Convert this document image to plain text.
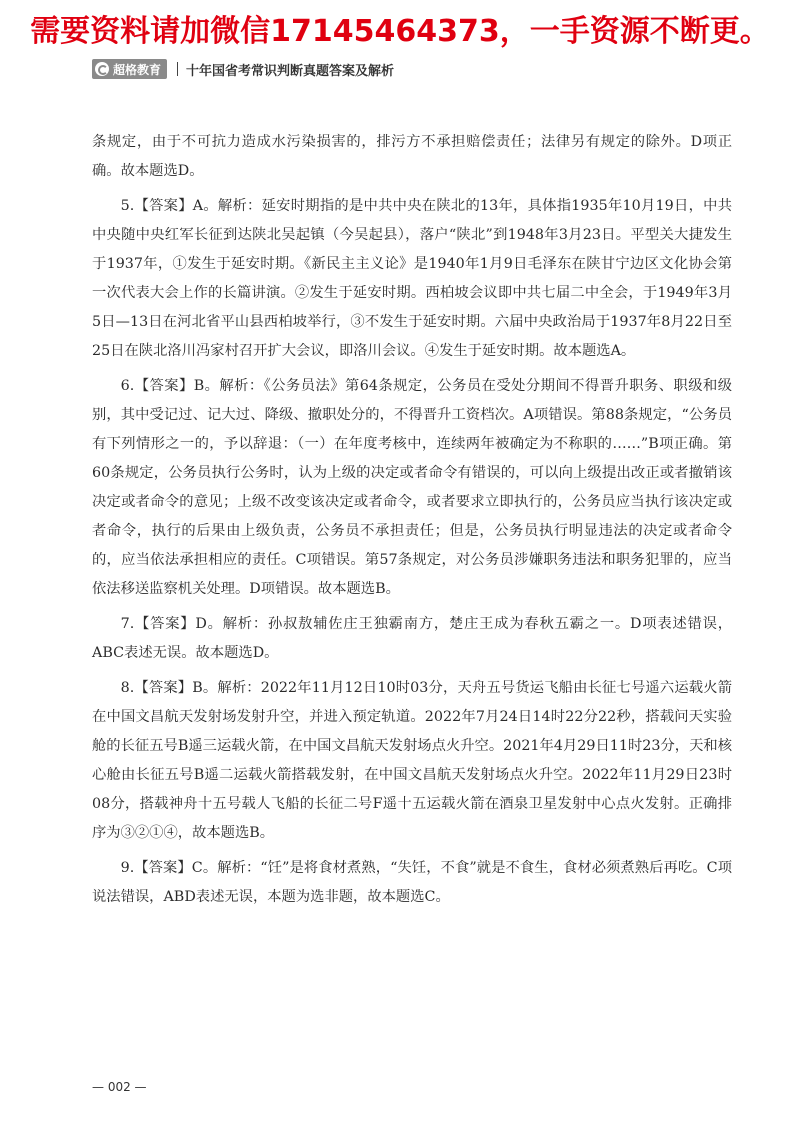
需要资料请加微信17145464373，一手资源不断更。
超格教育 十年国省考常识判断真题答案及解析

条规定，由于不可抗力造成水污染损害的，排污方不承担赔偿责任；法律另有规定的除外。D项正确。故本题选D。

5.【答案】A。解析：延安时期指的是中共中央在陕北的13年，具体指1935年10月19日，中共中央随中央红军长征到达陕北吴起镇（今吴起县），落户“陕北”到1948年3月23日。平型关大捷发生于1937年，①发生于延安时期。《新民主主义论》是1940年1月9日毛泽东在陕甘宁边区文化协会第一次代表大会上作的长篇讲演。②发生于延安时期。西柏坡会议即中共七届二中全会，于1949年3月5日—13日在河北省平山县西柏坡举行，③不发生于延安时期。六届中央政治局于1937年8月22日至25日在陕北洛川冯家村召开扩大会议，即洛川会议。④发生于延安时期。故本题选A。

6.【答案】B。解析：《公务员法》第64条规定，公务员在受处分期间不得晋升职务、职级和级别，其中受记过、记大过、降级、撤职处分的，不得晋升工资档次。A项错误。第88条规定，“公务员有下列情形之一的，予以辞退：（一）在年度考核中，连续两年被确定为不称职的……”B项正确。第60条规定，公务员执行公务时，认为上级的决定或者命令有错误的，可以向上级提出改正或者撤销该决定或者命令的意见；上级不改变该决定或者命令，或者要求立即执行的，公务员应当执行该决定或者命令，执行的后果由上级负责，公务员不承担责任；但是，公务员执行明显违法的决定或者命令的，应当依法承担相应的责任。C项错误。第57条规定，对公务员涉嫌职务违法和职务犯罪的，应当依法移送监察机关处理。D项错误。故本题选B。

7.【答案】D。解析：孙叔敖辅佐庄王独霸南方，楚庄王成为春秋五霸之一。D项表述错误，ABC表述无误。故本题选D。

8.【答案】B。解析：2022年11月12日10时03分，天舟五号货运飞船由长征七号遥六运载火箭在中国文昌航天发射场发射升空，并进入预定轨道。2022年7月24日14时22分22秒，搭载问天实验舱的长征五号B遥三运载火箭，在中国文昌航天发射场点火升空。2021年4月29日11时23分，天和核心舱由长征五号B遥二运载火箭搭载发射，在中国文昌航天发射场点火升空。2022年11月29日23时08分，搭载神舟十五号载人飞船的长征二号F遥十五运载火箭在酒泉卫星发射中心点火发射。正确排序为③②①④，故本题选B。

9.【答案】C。解析：“饪”是将食材煮熟，“失饪，不食”就是不食生，食材必须煮熟后再吃。C项说法错误，ABD表述无误，本题为选非题，故本题选C。

— 002 —
